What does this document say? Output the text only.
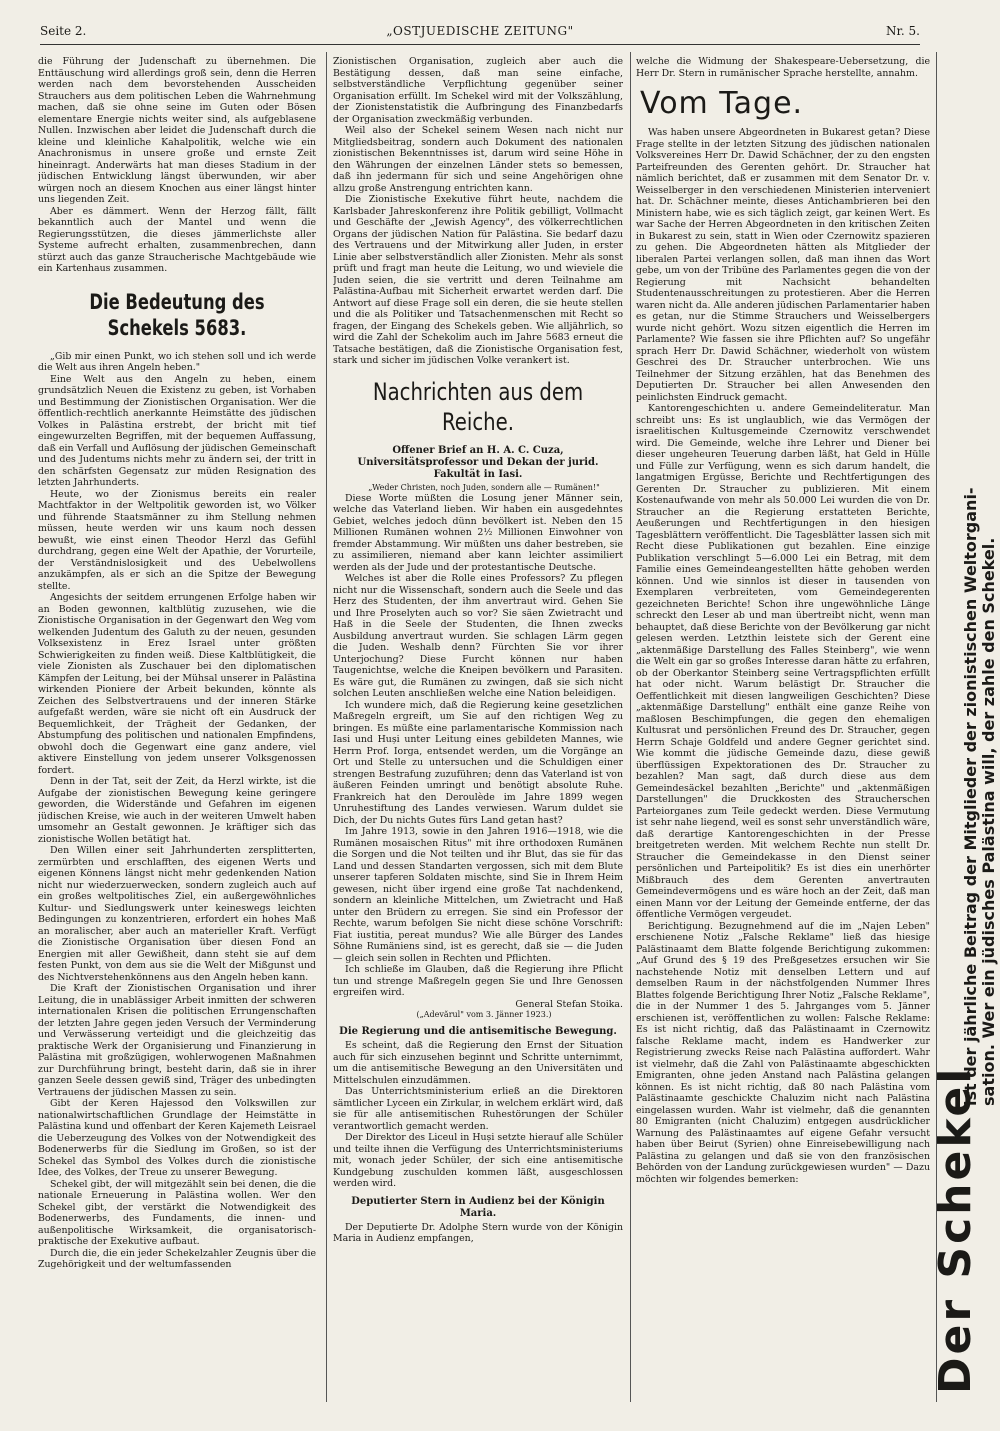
Seite 2.	„OSTJUEDISCHE ZEITUNG"	Nr. 5.

die Führung der Judenschaft zu übernehmen. Die Enttäuschung wird allerdings groß sein, denn die Herren werden nach dem bevorstehenden Ausscheiden Strauchers aus dem politischen Leben die Wahrnehmung machen, daß sie ohne seine im Guten oder Bösen elementare Energie nichts weiter sind, als aufgeblasene Nullen. Inzwischen aber leidet die Judenschaft durch die kleine und kleinliche Kahalpolitik, welche wie ein Anachronismus in unsere große und ernste Zeit hineinragt. Anderwärts hat man dieses Stadium in der jüdischen Entwicklung längst überwunden, wir aber würgen noch an diesem Knochen aus einer längst hinter uns liegenden Zeit.

Aber es dämmert. Wenn der Herzog fällt, fällt bekanntlich auch der Mantel und wenn die Regierungsstützen, die dieses jämmerlichste aller Systeme aufrecht erhalten, zusammenbrechen, dann stürzt auch das ganze Straucherische Machtgebäude wie ein Kartenhaus zusammen.

Die Bedeutung des Schekels 5683.

„Gib mir einen Punkt, wo ich stehen soll und ich werde die Welt aus ihren Angeln heben."

Eine Welt aus den Angeln zu heben, einem grundsätzlich Neuen die Existenz zu geben, ist Vorhaben und Bestimmung der Zionistischen Organisation. Wer die öffentlich-rechtlich anerkannte Heimstätte des jüdischen Volkes in Palästina erstrebt, der bricht mit tief eingewurzelten Begriffen, mit der bequemen Auffassung, daß ein Verfall und Auflösung der jüdischen Gemeinschaft und des Judentums nichts mehr zu ändern sei, der tritt in den schärfsten Gegensatz zur müden Resignation des letzten Jahrhunderts.

Heute, wo der Zionismus bereits ein realer Machtfaktor in der Weltpolitik geworden ist, wo Völker und führende Staatsmänner zu ihm Stellung nehmen müssen, heute werden wir uns kaum noch dessen bewußt, wie einst einen Theodor Herzl das Gefühl durchdrang, gegen eine Welt der Apathie, der Vorurteile, der Verständnislosigkeit und des Uebelwollens anzukämpfen, als er sich an die Spitze der Bewegung stellte.

Angesichts der seitdem errungenen Erfolge haben wir an Boden gewonnen, kaltblütig zuzusehen, wie die Zionistische Organisation in der Gegenwart den Weg vom welkenden Judentum des Galuth zu der neuen, gesunden Volksexistenz in Erez Israel unter größten Schwierigkeiten zu finden weiß. Diese Kaltblütigkeit, die viele Zionisten als Zuschauer bei den diplomatischen Kämpfen der Leitung, bei der Mühsal unserer in Palästina wirkenden Pioniere der Arbeit bekunden, könnte als Zeichen des Selbstvertrauens und der inneren Stärke aufgefaßt werden, wäre sie nicht oft ein Ausdruck der Bequemlichkeit, der Trägheit der Gedanken, der Abstumpfung des politischen und nationalen Empfindens, obwohl doch die Gegenwart eine ganz andere, viel aktivere Einstellung von jedem unserer Volksgenossen fordert.

Denn in der Tat, seit der Zeit, da Herzl wirkte, ist die Aufgabe der zionistischen Bewegung keine geringere geworden, die Widerstände und Gefahren im eigenen jüdischen Kreise, wie auch in der weiteren Umwelt haben umsomehr an Gestalt gewonnen. Je kräftiger sich das zionistische Wollen betätigt hat.

Den Willen einer seit Jahrhunderten zersplitterten, zermürbten und erschlafften, des eigenen Werts und eigenen Könnens längst nicht mehr gedenkenden Nation nicht nur wiederzuerwecken, sondern zugleich auch auf ein großes weltpolitisches Ziel, ein außergewöhnliches Kultur- und Siedlungswerk unter keineswegs leichten Bedingungen zu konzentrieren, erfordert ein hohes Maß an moralischer, aber auch an materieller Kraft. Verfügt die Zionistische Organisation über diesen Fond an Energien mit aller Gewißheit, dann steht sie auf dem festen Punkt, von dem aus sie die Welt der Mißgunst und des Nichtverstehenkönnens aus den Angeln heben kann.

Die Kraft der Zionistischen Organisation und ihrer Leitung, die in unablässiger Arbeit inmitten der schweren internationalen Krisen die politischen Errungenschaften der letzten Jahre gegen jeden Versuch der Verminderung und Verwässerung verteidigt und die gleichzeitig das praktische Werk der Organisierung und Finanzierung in Palästina mit großzügigen, wohlerwogenen Maßnahmen zur Durchführung bringt, besteht darin, daß sie in ihrer ganzen Seele dessen gewiß sind, Träger des unbedingten Vertrauens der jüdischen Massen zu sein.

Gibt der Keren Hajessod den Volkswillen zur nationalwirtschaftlichen Grundlage der Heimstätte in Palästina kund und offenbart der Keren Kajemeth Leisrael die Ueberzeugung des Volkes von der Notwendigkeit des Bodenerwerbs für die Siedlung im Großen, so ist der Schekel das Symbol des Volkes durch die zionistische Idee, des Volkes, der Treue zu unserer Bewegung.

Schekel gibt, der will mitgezählt sein bei denen, die die nationale Erneuerung in Palästina wollen. Wer den Schekel gibt, der verstärkt die Notwendigkeit des Bodenerwerbs, des Fundaments, die innen- und außenpolitische Wirksamkeit, die organisatorisch-praktische der Exekutive aufbaut.

Durch die, die ein jeder Schekelzahler Zeugnis über die Zugehörigkeit und der weltumfassenden

Zionistischen Organisation, zugleich aber auch die Bestätigung dessen, daß man seine einfache, selbstverständliche Verpflichtung gegenüber seiner Organisation erfüllt. Im Schekel wird mit der Volkszählung, der Zionistenstatistik die Aufbringung des Finanzbedarfs der Organisation zweckmäßig verbunden.

Weil also der Schekel seinem Wesen nach nicht nur Mitgliedsbeitrag, sondern auch Dokument des nationalen zionistischen Bekenntnisses ist, darum wird seine Höhe in den Währungen der einzelnen Länder stets so bemessen, daß ihn jedermann für sich und seine Angehörigen ohne allzu große Anstrengung entrichten kann.

Die Zionistische Exekutive führt heute, nachdem die Karlsbader Jahreskonferenz ihre Politik gebilligt, Vollmacht und Geschäfte der „Jewish Agency", des völkerrechtlichen Organs der jüdischen Nation für Palästina. Sie bedarf dazu des Vertrauens und der Mitwirkung aller Juden, in erster Linie aber selbstverständlich aller Zionisten. Mehr als sonst prüft und fragt man heute die Leitung, wo und wieviele die Juden seien, die sie vertritt und deren Teilnahme am Palästina-Aufbau mit Sicherheit erwartet werden darf. Die Antwort auf diese Frage soll ein deren, die sie heute stellen und die als Politiker und Tatsachenmenschen mit Recht so fragen, der Eingang des Schekels geben. Wie alljährlich, so wird die Zahl der Schekolim auch im Jahre 5683 erneut die Tatsache bestätigen, daß die Zionistische Organisation fest, stark und sicher im jüdischen Volke verankert ist.

Nachrichten aus dem Reiche.
Offener Brief an H. A. C. Cuza, Universitätsprofessor und Dekan der jurid. Fakultät in Iasi.

„Weder Christen, noch Juden, sondern alle — Rumänen!"

Diese Worte müßten die Losung jener Männer sein, welche das Vaterland lieben. Wir haben ein ausgedehntes Gebiet, welches jedoch dünn bevölkert ist. Neben den 15 Millionen Rumänen wohnen 2½ Millionen Einwohner von fremder Abstammung. Wir müßten uns daher bestreben, sie zu assimilieren, niemand aber kann leichter assimiliert werden als der Jude und der protestantische Deutsche.

Welches ist aber die Rolle eines Professors? Zu pflegen nicht nur die Wissenschaft, sondern auch die Seele und das Herz des Studenten, der ihm anvertraut wird. Gehen Sie und Ihre Proselyten auch so vor? Sie säen Zwietracht und Haß in die Seele der Studenten, die Ihnen zwecks Ausbildung anvertraut wurden. Sie schlagen Lärm gegen die Juden. Weshalb denn? Fürchten Sie vor ihrer Unterjochung? Diese Furcht können nur haben Taugenichtse, welche die Kneipen bevölkern und Parasiten. Es wäre gut, die Rumänen zu zwingen, daß sie sich nicht solchen Leuten anschließen welche eine Nation beleidigen.

Ich wundere mich, daß die Regierung keine gesetzlichen Maßregeln ergreift, um Sie auf den richtigen Weg zu bringen. Es müßte eine parlamentarische Kommission nach Iasi und Huși unter Leitung eines gebildeten Mannes, wie Herrn Prof. Iorga, entsendet werden, um die Vorgänge an Ort und Stelle zu untersuchen und die Schuldigen einer strengen Bestrafung zuzuführen; denn das Vaterland ist von äußeren Feinden umringt und benötigt absolute Ruhe. Frankreich hat den Deroulède im Jahre 1899 wegen Unruhestiftung des Landes verwiesen. Warum duldet sie Dich, der Du nichts Gutes fürs Land getan hast?

Im Jahre 1913, sowie in den Jahren 1916—1918, wie die Rumänen mosaischen Ritus" mit ihre orthodoxen Rumänen die Sorgen und die Not teilten und ihr Blut, das sie für das Land und dessen Standarten vergossen, sich mit dem Blute unserer tapferen Soldaten mischte, sind Sie in Ihrem Heim gewesen, nicht über irgend eine große Tat nachdenkend, sondern an kleinliche Mittelchen, um Zwietracht und Haß unter den Brüdern zu erregen. Sie sind ein Professor der Rechte, warum befolgen Sie nicht diese schöne Vorschrift: Fiat iustitia, pereat mundus? Wie alle Bürger des Landes Söhne Rumäniens sind, ist es gerecht, daß sie — die Juden — gleich sein sollen in Rechten und Pflichten.

Ich schließe im Glauben, daß die Regierung ihre Pflicht tun und strenge Maßregeln gegen Sie und Ihre Genossen ergreifen wird.

General Stefan Stoika.

(„Adevărul" vom 3. Jänner 1923.)

Die Regierung und die antisemitische Bewegung.

Es scheint, daß die Regierung den Ernst der Situation auch für sich einzusehen beginnt und Schritte unternimmt, um die antisemitische Bewegung an den Universitäten und Mittelschulen einzudämmen.

Das Unterrichtsministerium erließ an die Direktoren sämtlicher Lyceen ein Zirkular, in welchem erklärt wird, daß sie für alle antisemitischen Ruhestörungen der Schüler verantwortlich gemacht werden.

Der Direktor des Liceul in Huși setzte hierauf alle Schüler und teilte ihnen die Verfügung des Unterrichtsministeriums mit, wonach jeder Schüler, der sich eine antisemitische Kundgebung zuschulden kommen läßt, ausgeschlossen werden wird.

Deputierter Stern in Audienz bei der Königin Maria.

Der Deputierte Dr. Adolphe Stern wurde von der Königin Maria in Audienz empfangen,

welche die Widmung der Shakespeare-Uebersetzung, die Herr Dr. Stern in rumänischer Sprache herstellte, annahm.

Vom Tage.

Was haben unsere Abgeordneten in Bukarest getan? Diese Frage stellte in der letzten Sitzung des jüdischen nationalen Volksvereines Herr Dr. Dawid Schächner, der zu den engsten Parteifreunden des Gerenten gehört. Dr. Straucher hat nämlich berichtet, daß er zusammen mit dem Senator Dr. v. Weisselberger in den verschiedenen Ministerien interveniert hat. Dr. Schächner meinte, dieses Antichambrieren bei den Ministern habe, wie es sich täglich zeigt, gar keinen Wert. Es war Sache der Herren Abgeordneten in den kritischen Zeiten in Bukarest zu sein, statt in Wien oder Czernowitz spazieren zu gehen. Die Abgeordneten hätten als Mitglieder der liberalen Partei verlangen sollen, daß man ihnen das Wort gebe, um von der Tribüne des Parlamentes gegen die von der Regierung mit Nachsicht behandelten Studentenausschreitungen zu protestieren. Aber die Herren waren nicht da. Alle anderen jüdischen Parlamentarier haben es getan, nur die Stimme Strauchers und Weisselbergers wurde nicht gehört. Wozu sitzen eigentlich die Herren im Parlamente? Wie fassen sie ihre Pflichten auf? So ungefähr sprach Herr Dr. Dawid Schächner, wiederholt von wüstem Geschrei des Dr. Straucher unterbrochen. Wie uns Teilnehmer der Sitzung erzählen, hat das Benehmen des Deputierten Dr. Straucher bei allen Anwesenden den peinlichsten Eindruck gemacht.

Kantorengeschichten u. andere Gemeindeliteratur. Man schreibt uns: Es ist unglaublich, wie das Vermögen der israelitischen Kultusgemeinde Czernowitz verschwendet wird. Die Gemeinde, welche ihre Lehrer und Diener bei dieser ungeheuren Teuerung darben läßt, hat Geld in Hülle und Fülle zur Verfügung, wenn es sich darum handelt, die langatmigen Ergüsse, Berichte und Rechtfertigungen des Gerenten Dr. Straucher zu publizieren. Mit einem Kostenaufwande von mehr als 50.000 Lei wurden die von Dr. Straucher an die Regierung erstatteten Berichte, Aeußerungen und Rechtfertigungen in den hiesigen Tagesblättern veröffentlicht. Die Tagesblätter lassen sich mit Recht diese Publikationen gut bezahlen. Eine einzige Publikation verschlingt 5—6.000 Lei ein Betrag, mit dem Familie eines Gemeindeangestellten hätte gehoben werden können. Und wie sinnlos ist dieser in tausenden von Exemplaren verbreiteten, vom Gemeindegerenten gezeichneten Berichte! Schon ihre ungewöhnliche Länge schreckt den Leser ab und man übertreibt nicht, wenn man behauptet, daß diese Berichte von der Bevölkerung gar nicht gelesen werden. Letzthin leistete sich der Gerent eine „aktenmäßige Darstellung des Falles Steinberg", wie wenn die Welt ein gar so großes Interesse daran hätte zu erfahren, ob der Oberkantor Steinberg seine Vertragspflichten erfüllt hat oder nicht. Warum belästigt Dr. Straucher die Oeffentlichkeit mit diesen langweiligen Geschichten? Diese „aktenmäßige Darstellung" enthält eine ganze Reihe von maßlosen Beschimpfungen, die gegen den ehemaligen Kultusrat und persönlichen Freund des Dr. Straucher, gegen Herrn Schaje Goldfeld und andere Gegner gerichtet sind. Wie kommt die jüdische Gemeinde dazu, diese gewiß überflüssigen Expektorationen des Dr. Straucher zu bezahlen? Man sagt, daß durch diese aus dem Gemeindesäckel bezahlten „Berichte" und „aktenmäßigen Darstellungen" die Druckkosten des Straucherschen Parteiorganes zum Teile gedeckt werden. Diese Vermutung ist sehr nahe liegend, weil es sonst sehr unverständlich wäre, daß derartige Kantorengeschichten in der Presse breitgetreten werden. Mit welchem Rechte nun stellt Dr. Straucher die Gemeindekasse in den Dienst seiner persönlichen und Parteipolitik? Es ist dies ein unerhörter Mißbrauch des dem Gerenten anvertrauten Gemeindevermögens und es wäre hoch an der Zeit, daß man einen Mann vor der Leitung der Gemeinde entferne, der das öffentliche Vermögen vergeudet.

Berichtigung. Bezugnehmend auf die im „Najen Leben" erschienene Notiz „Falsche Reklame" ließ das hiesige Palästinaamt dem Blatte folgende Berichtigung zukommen: „Auf Grund des § 19 des Preßgesetzes ersuchen wir Sie nachstehende Notiz mit denselben Lettern und auf demselben Raum in der nächstfolgenden Nummer Ihres Blattes folgende Berichtigung Ihrer Notiz „Falsche Reklame", die in der Nummer 1 des 5. Jahrganges vom 5. Jänner erschienen ist, veröffentlichen zu wollen: Falsche Reklame: Es ist nicht richtig, daß das Palästinaamt in Czernowitz falsche Reklame macht, indem es Handwerker zur Registrierung zwecks Reise nach Palästina auffordert. Wahr ist vielmehr, daß die Zahl von Palästinaamte abgeschickten Emigranten, ohne jeden Anstand nach Palästina gelangen können. Es ist nicht richtig, daß 80 nach Palästina vom Palästinaamte geschickte Chaluzim nicht nach Palästina eingelassen wurden. Wahr ist vielmehr, daß die genannten 80 Emigranten (nicht Chaluzim) entgegen ausdrücklicher Warnung des Palästinaamtes auf eigene Gefahr versucht haben über Beirut (Syrien) ohne Einreisebewilligung nach Palästina zu gelangen und daß sie von den französischen Behörden von der Landung zurückgewiesen wurden" — Dazu möchten wir folgendes bemerken:	Der Schekel
ist der jährliche Beitrag der Mitglieder der zionistischen Weltorgani- sation. Wer ein jüdisches Palästina will, der zahle den Schekel.
